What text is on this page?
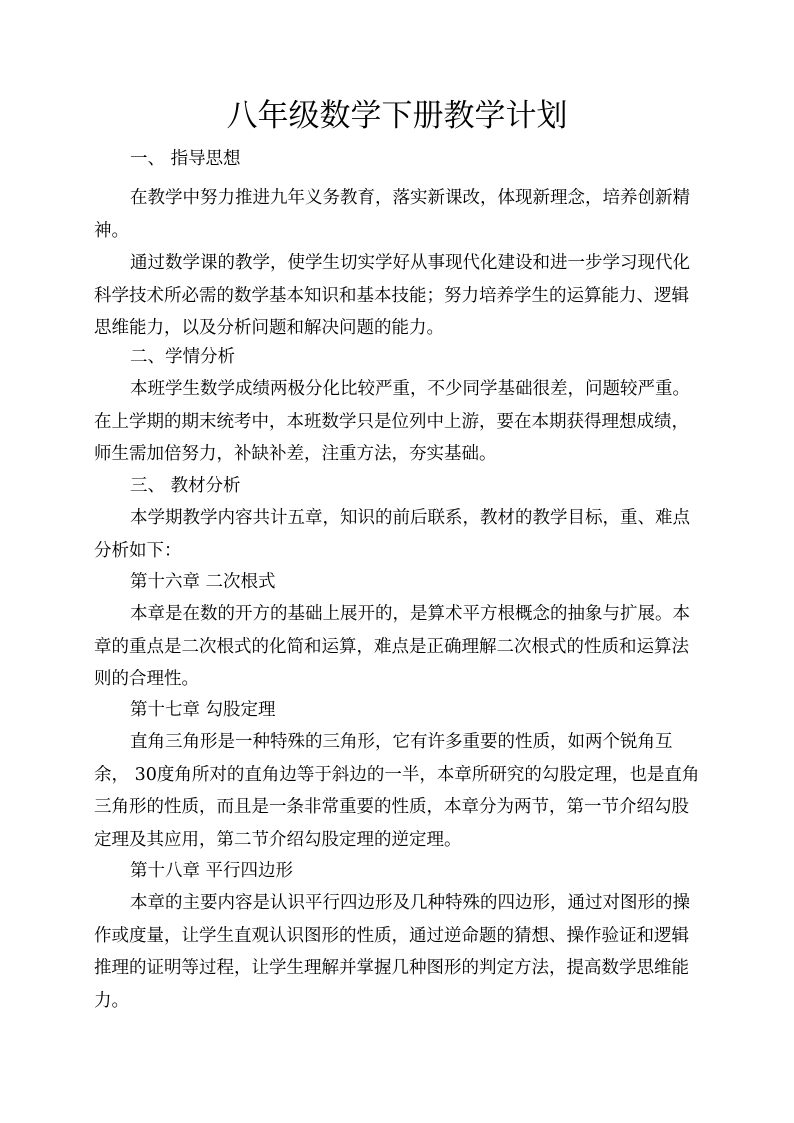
八年级数学下册教学计划

一、 指导思想

在教学中努力推进九年义务教育，落实新课改，体现新理念，培养创新精神。

通过数学课的教学，使学生切实学好从事现代化建设和进一步学习现代化科学技术所必需的数学基本知识和基本技能；努力培养学生的运算能力、逻辑思维能力，以及分析问题和解决问题的能力。

二、学情分析

本班学生数学成绩两极分化比较严重，不少同学基础很差，问题较严重。在上学期的期末统考中，本班数学只是位列中上游，要在本期获得理想成绩，师生需加倍努力，补缺补差，注重方法，夯实基础。

三、 教材分析

本学期教学内容共计五章，知识的前后联系，教材的教学目标，重、难点分析如下：

第十六章 二次根式

本章是在数的开方的基础上展开的，是算术平方根概念的抽象与扩展。本章的重点是二次根式的化简和运算，难点是正确理解二次根式的性质和运算法则的合理性。

第十七章 勾股定理

直角三角形是一种特殊的三角形，它有许多重要的性质，如两个锐角互余， 30度角所对的直角边等于斜边的一半，本章所研究的勾股定理，也是直角三角形的性质，而且是一条非常重要的性质，本章分为两节，第一节介绍勾股定理及其应用，第二节介绍勾股定理的逆定理。

第十八章 平行四边形

本章的主要内容是认识平行四边形及几种特殊的四边形，通过对图形的操作或度量，让学生直观认识图形的性质，通过逆命题的猜想、操作验证和逻辑推理的证明等过程，让学生理解并掌握几种图形的判定方法，提高数学思维能力。
